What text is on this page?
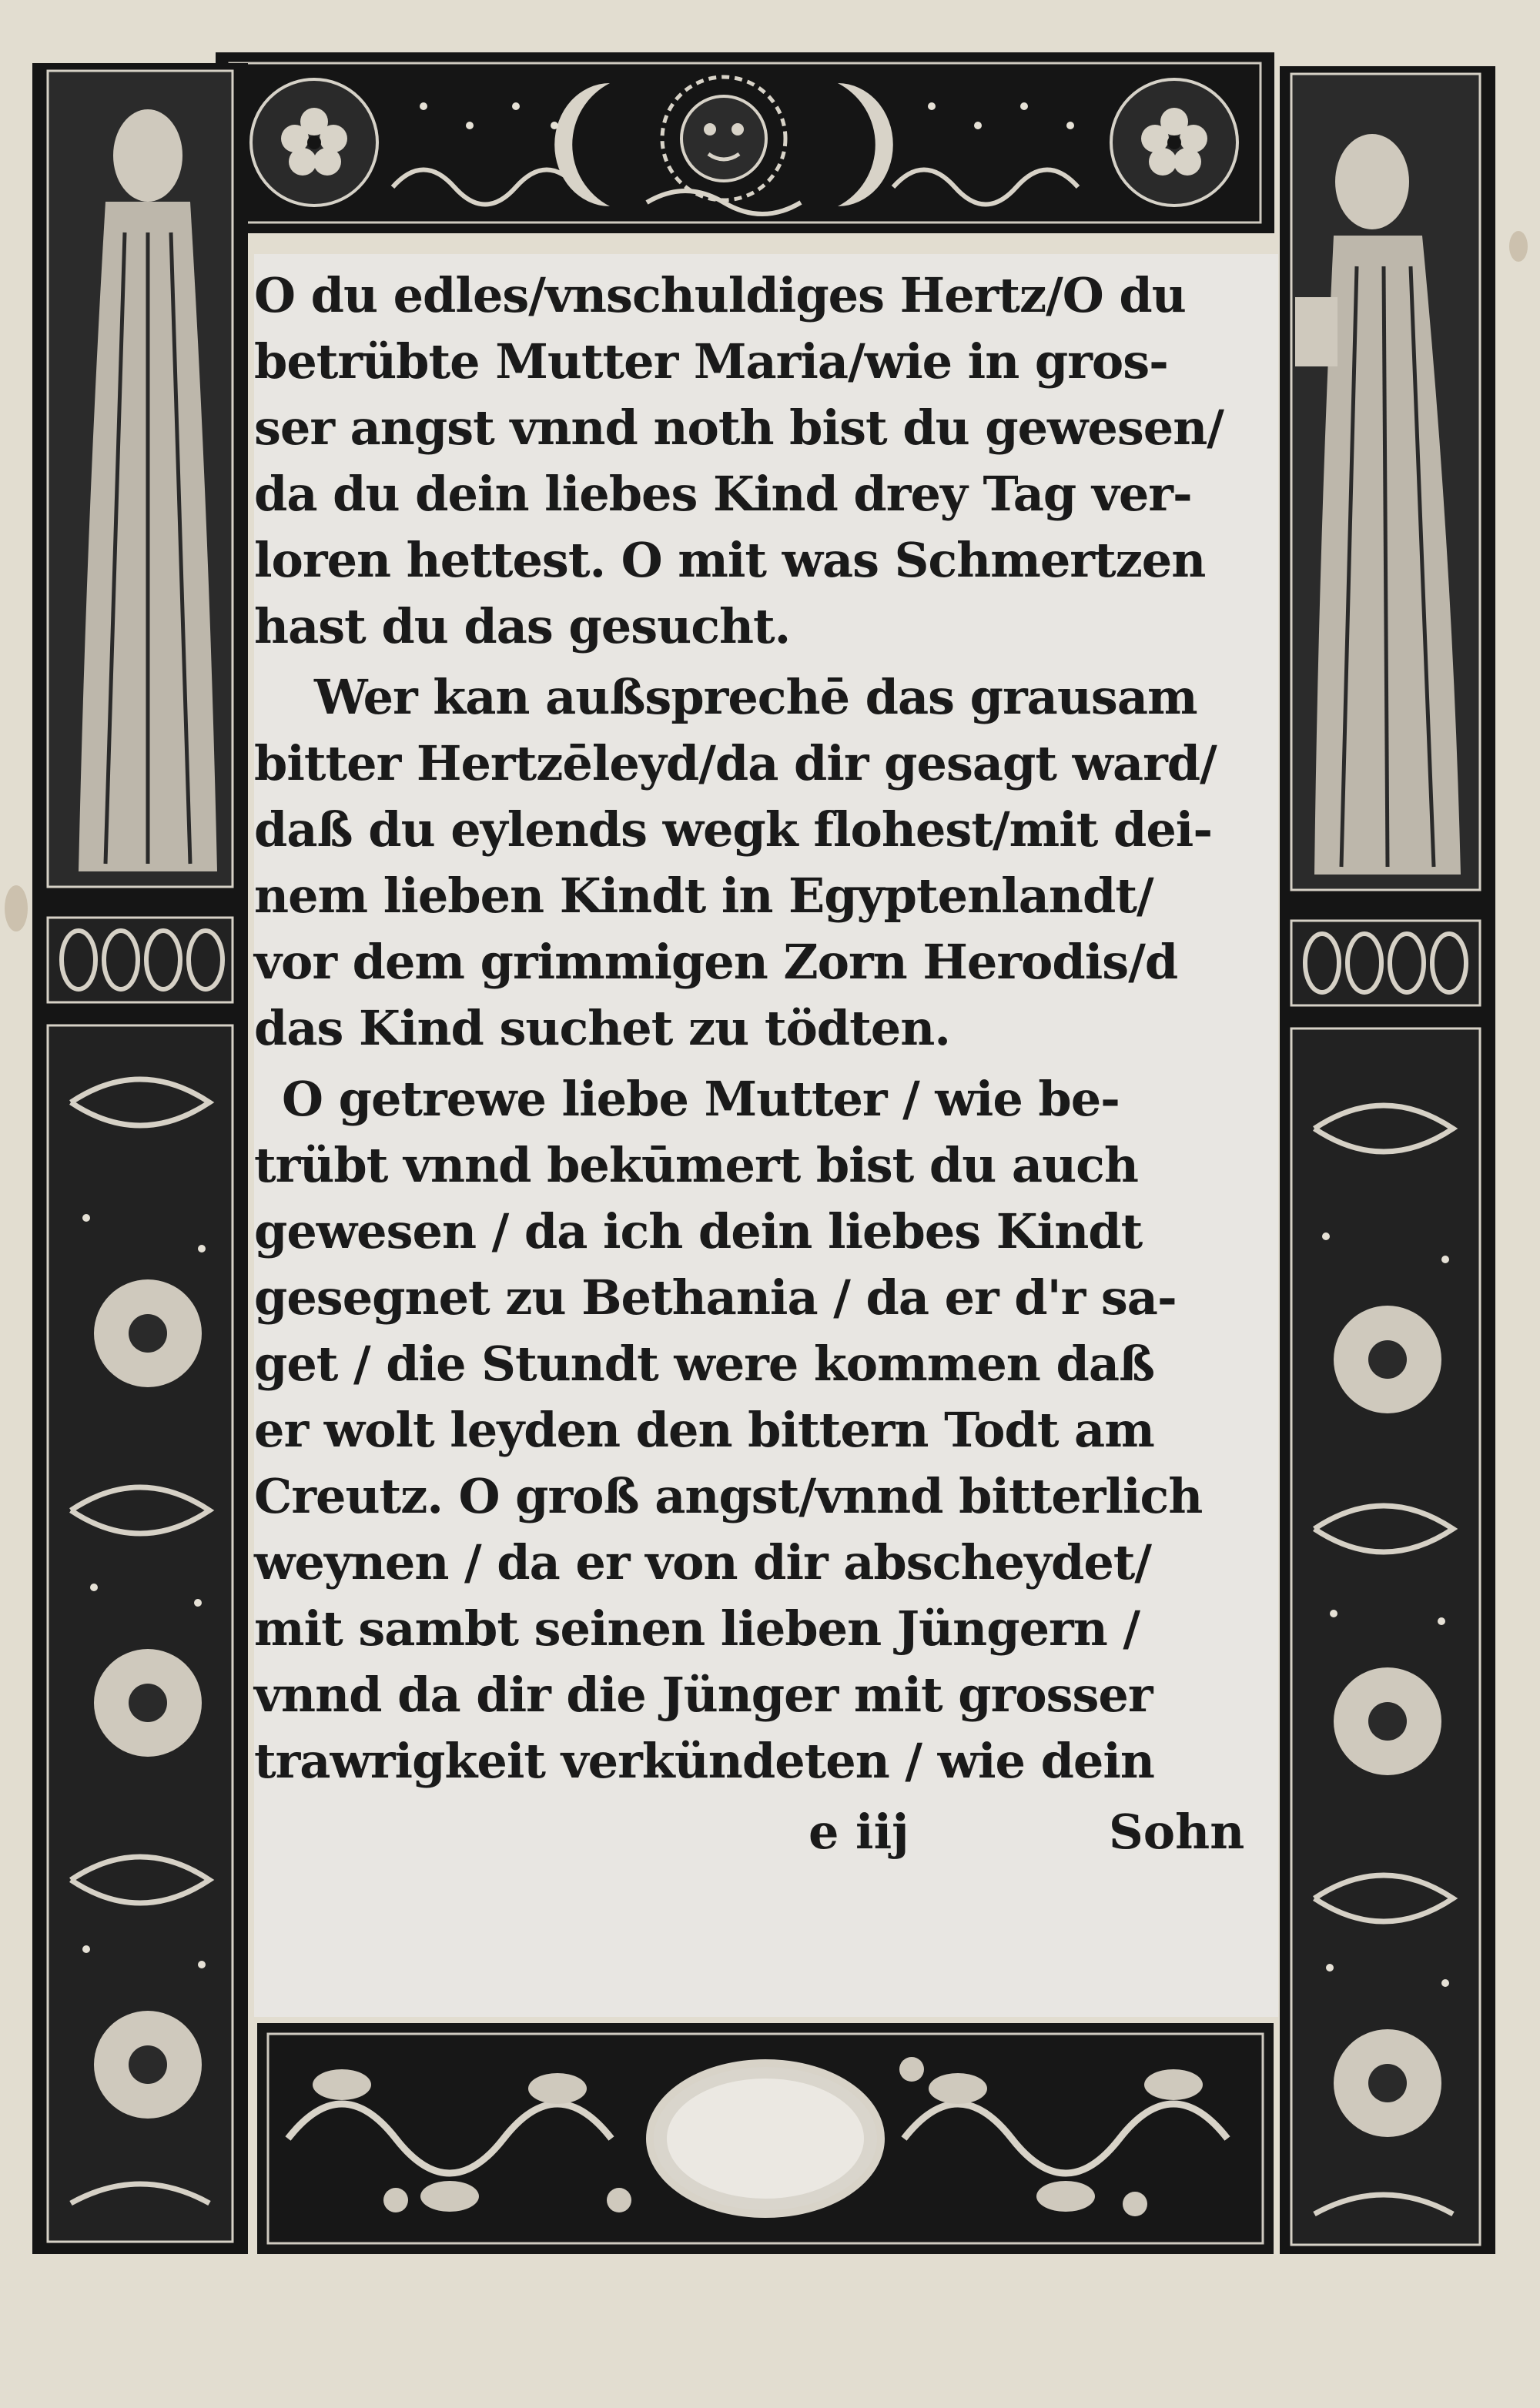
O du edles/vnschuldiges Hertz/O du
betrübte Mutter Maria/wie in gros-
ser angst vnnd noth bist du gewesen/
da du dein liebes Kind drey Tag ver-
loren hettest. O mit was Schmertzen
hast du das gesucht.
Wer kan außsprechē das grausam
bitter Hertzēleyd/da dir gesagt ward/
daß du eylends wegk flohest/mit dei-
nem lieben Kindt in Egyptenlandt/
vor dem grimmigen Zorn Herodis/d
das Kind suchet zu tödten.
O getrewe liebe Mutter / wie be-
trübt vnnd bekūmert bist du auch
gewesen / da ich dein liebes Kindt
gesegnet zu Bethania / da er d'r sa-
get / die Stundt were kommen daß
er wolt leyden den bittern Todt am
Creutz. O groß angst/vnnd bitterlich
weynen / da er von dir abscheydet/
mit sambt seinen lieben Jüngern /
vnnd da dir die Jünger mit grosser
trawrigkeit verkündeten / wie dein
e iij	Sohn
